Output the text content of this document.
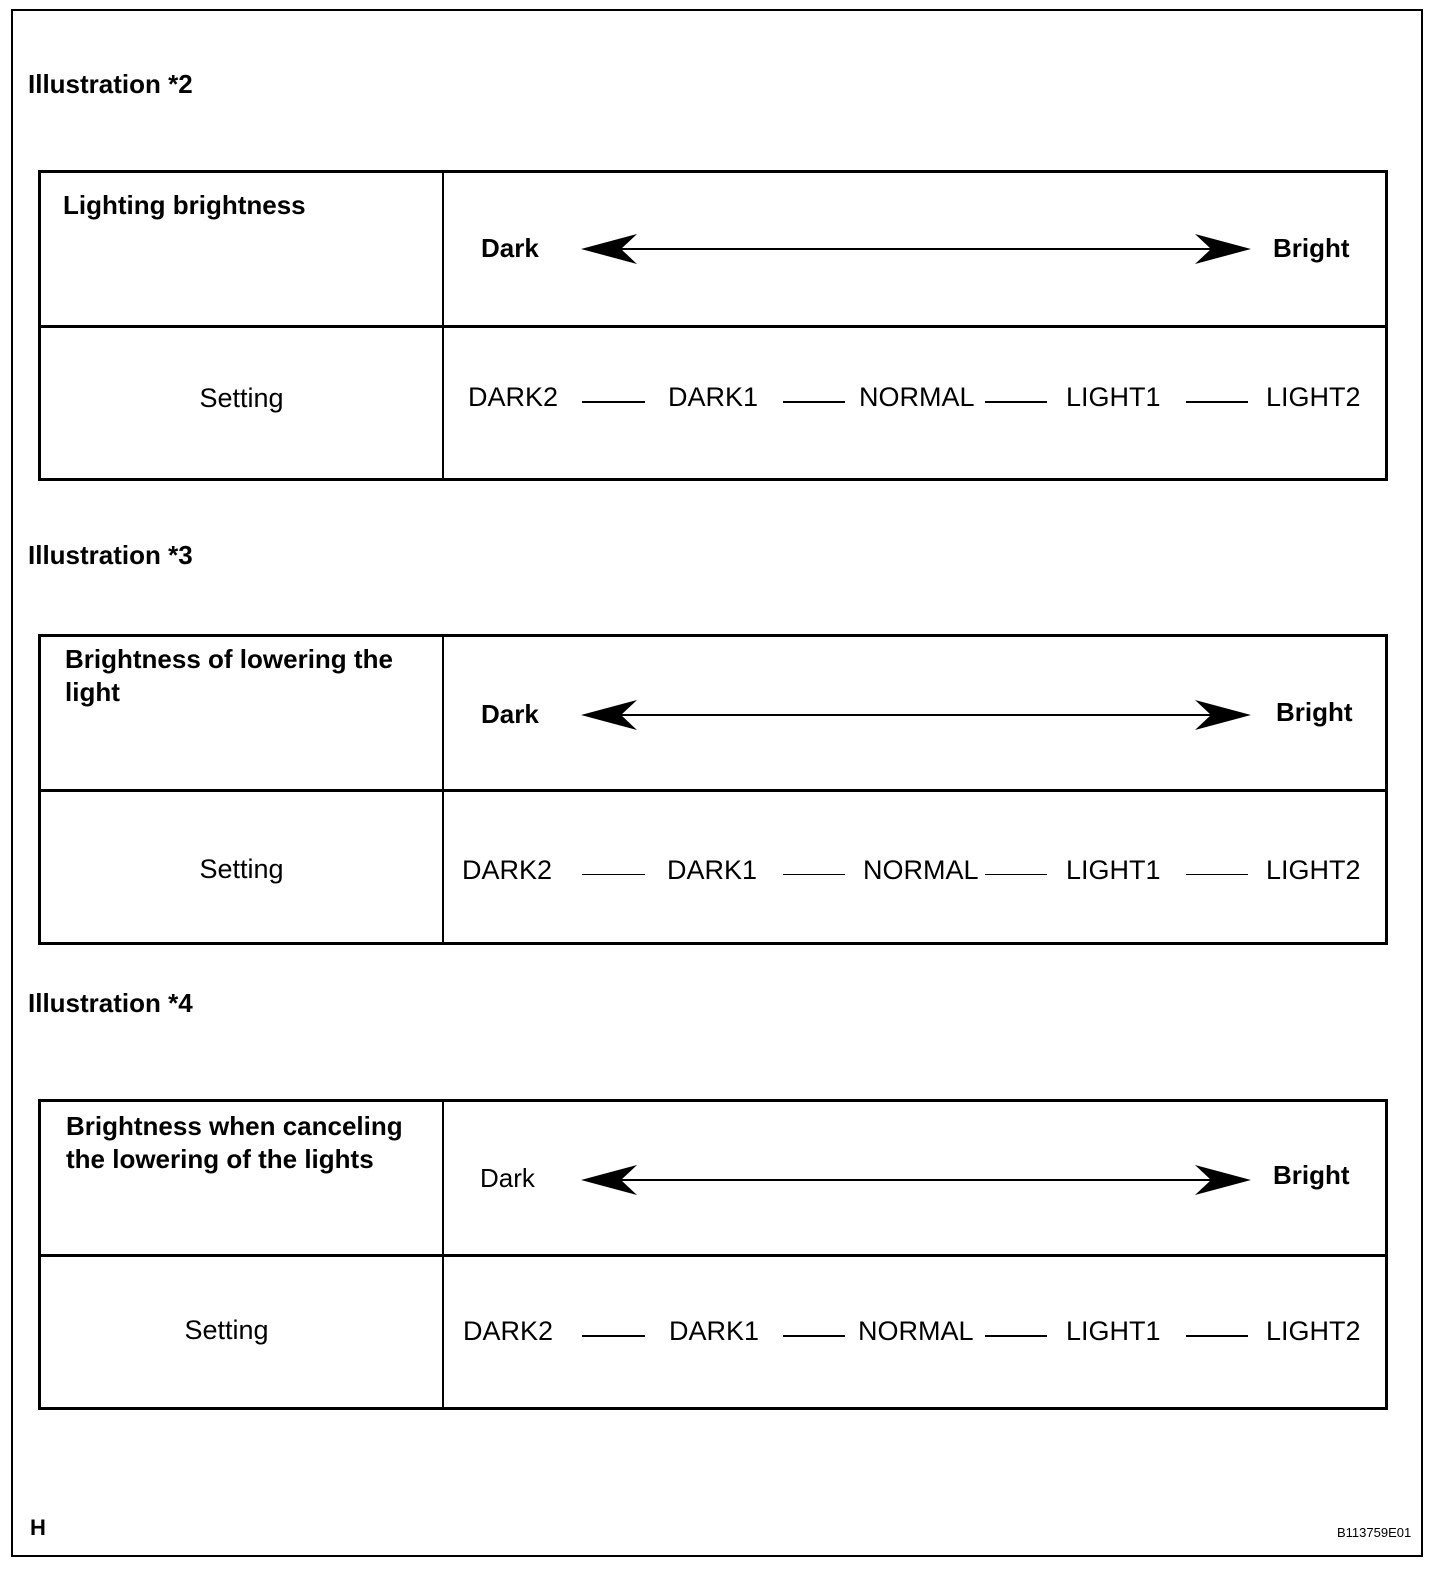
Illustration *2
Lighting brightness
Dark	Bright
Setting	DARK2	DARK1	NORMAL	LIGHT1	LIGHT2
Illustration *3
Brightness of lowering the light
Dark	Bright
Setting	DARK2	DARK1	NORMAL	LIGHT1	LIGHT2
Illustration *4
Brightness when canceling the lowering of the lights
Dark	Bright
Setting	DARK2	DARK1	NORMAL	LIGHT1	LIGHT2
H	B113759E01
